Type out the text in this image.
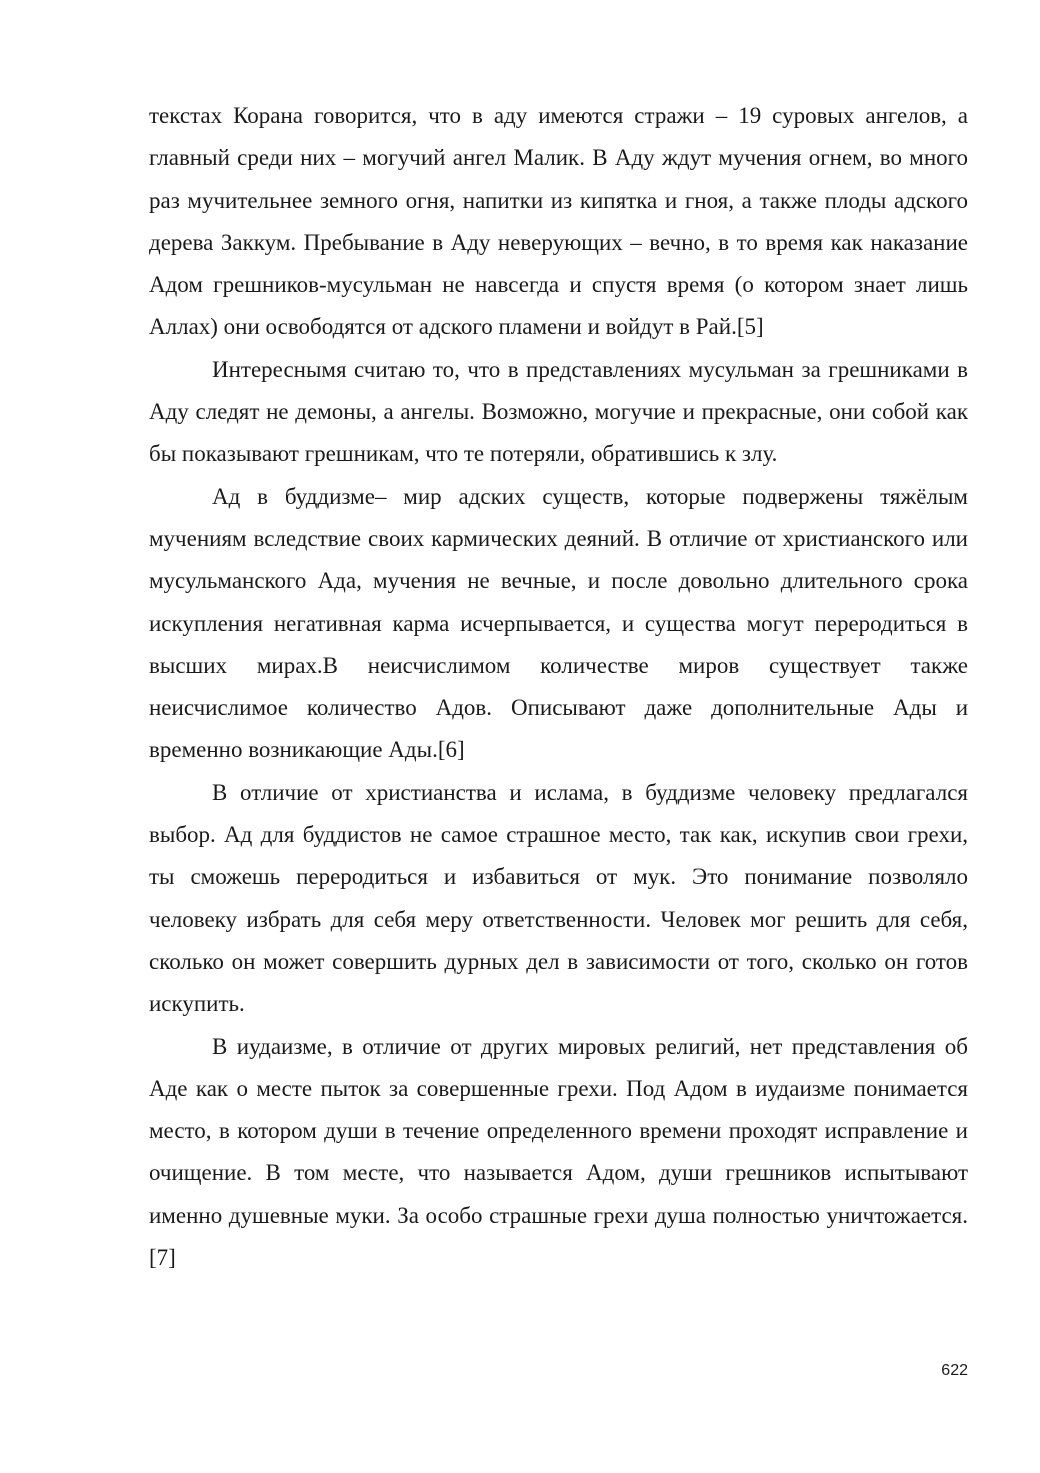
текстах Корана говорится, что в аду имеются стражи – 19 суровых ангелов, а главный среди них – могучий ангел Малик. В Аду ждут мучения огнем, во много раз мучительнее земного огня, напитки из кипятка и гноя, а также плоды адского дерева Заккум. Пребывание в Аду неверующих – вечно, в то время как наказание Адом грешников-мусульман не навсегда и спустя время (о котором знает лишь Аллах) они освободятся от адского пламени и войдут в Рай.[5]

Интереснымя считаю то, что в представлениях мусульман за грешниками в Аду следят не демоны, а ангелы. Возможно, могучие и прекрасные, они собой как бы показывают грешникам, что те потеряли, обратившись к злу.

Ад в буддизме– мир адских существ, которые подвержены тяжёлым мучениям вследствие своих кармических деяний. В отличие от христианского или мусульманского Ада, мучения не вечные, и после довольно длительного срока искупления негативная карма исчерпывается, и существа могут переродиться в высших мирах.В неисчислимом количестве миров существует также неисчислимое количество Адов. Описывают даже дополнительные Ады и временно возникающие Ады.[6]

В отличие от христианства и ислама, в буддизме человеку предлагался выбор. Ад для буддистов не самое страшное место, так как, искупив свои грехи, ты сможешь переродиться и избавиться от мук. Это понимание позволяло человеку избрать для себя меру ответственности. Человек мог решить для себя, сколько он может совершить дурных дел в зависимости от того, сколько он готов искупить.

В иудаизме, в отличие от других мировых религий, нет представления об Аде как о месте пыток за совершенные грехи. Под Адом в иудаизме понимается место, в котором души в течение определенного времени проходят исправление и очищение. В том месте, что называется Адом, души грешников испытывают именно душевные муки. За особо страшные грехи душа полностью уничтожается.[7]

622
